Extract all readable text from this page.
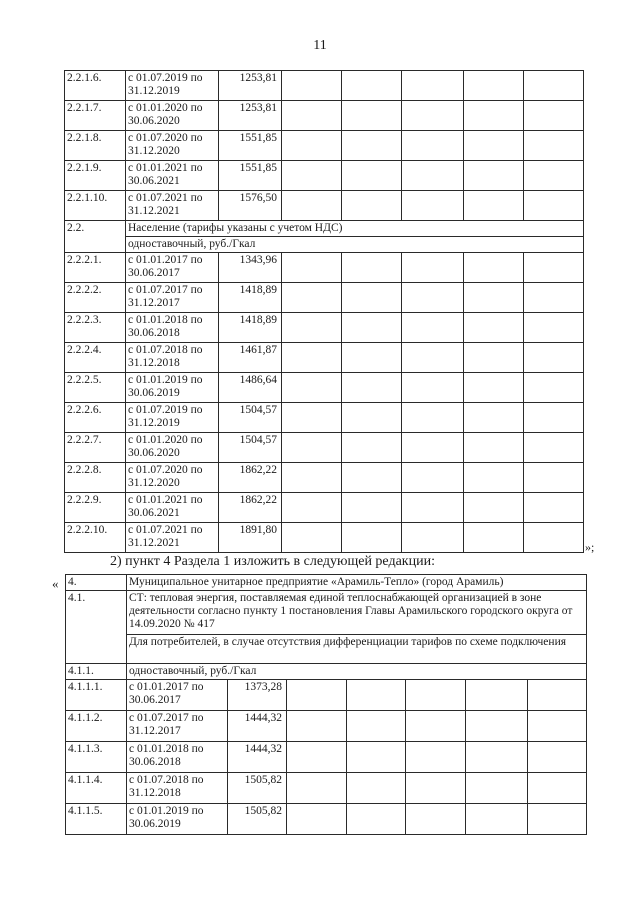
11
2.2.1.6.	с 01.07.2019 по 31.12.2019	1253,81					
2.2.1.7.	с 01.01.2020 по 30.06.2020	1253,81					
2.2.1.8.	с 01.07.2020 по 31.12.2020	1551,85					
2.2.1.9.	с 01.01.2021 по 30.06.2021	1551,85					
2.2.1.10.	с 01.07.2021 по 31.12.2021	1576,50					
2.2.	Население (тарифы указаны с учетом НДС)						
	одноставочный, руб./Гкал						
2.2.2.1.	с 01.01.2017 по 30.06.2017	1343,96					
2.2.2.2.	с 01.07.2017 по 31.12.2017	1418,89					
2.2.2.3.	с 01.01.2018 по 30.06.2018	1418,89					
2.2.2.4.	с 01.07.2018 по 31.12.2018	1461,87					
2.2.2.5.	с 01.01.2019 по 30.06.2019	1486,64					
2.2.2.6.	с 01.07.2019 по 31.12.2019	1504,57					
2.2.2.7.	с 01.01.2020 по 30.06.2020	1504,57					
2.2.2.8.	с 01.07.2020 по 31.12.2020	1862,22					
2.2.2.9.	с 01.01.2021 по 30.06.2021	1862,22					
2.2.2.10.	с 01.07.2021 по 31.12.2021	1891,80					
»;
2) пункт 4 Раздела 1 изложить в следующей редакции:
« 4.	Муниципальное унитарное предприятие «Арамиль-Тепло» (город Арамиль)						
4.1.	СТ: тепловая энергия, поставляемая единой теплоснабжающей организацией в зоне деятельности согласно пункту 1 постановления Главы Арамильского городского округа от 14.09.2020 № 417						
	Для потребителей, в случае отсутствия дифференциации тарифов по схеме подключения						
4.1.1.	одноставочный, руб./Гкал						
4.1.1.1.	с 01.01.2017 по 30.06.2017	1373,28					
4.1.1.2.	с 01.07.2017 по 31.12.2017	1444,32					
4.1.1.3.	с 01.01.2018 по 30.06.2018	1444,32					
4.1.1.4.	с 01.07.2018 по 31.12.2018	1505,82					
4.1.1.5.	с 01.01.2019 по 30.06.2019	1505,82					
